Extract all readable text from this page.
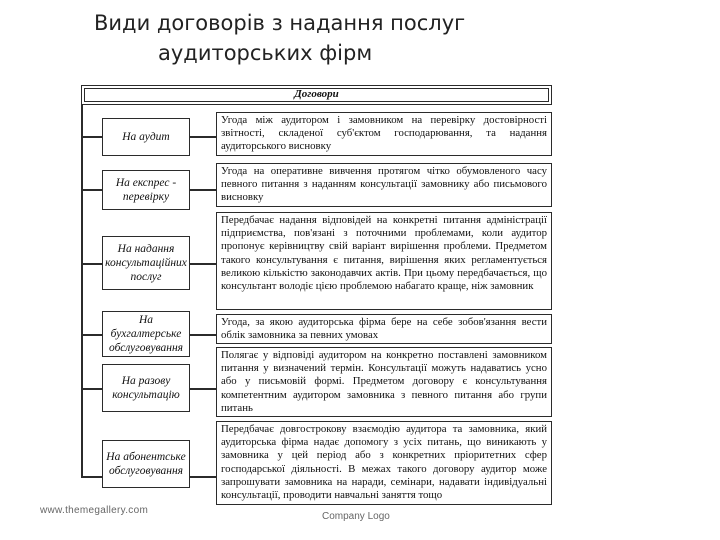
Види договорів з надання послуг
аудиторських фірм
Договори
На аудит
На експрес - перевірку
На надання консультаційних послуг
На бухгалтерське обслуговування
На разову консультацію
На абонентське обслуговування
Угода між аудитором і замовником на перевірку достовірності звітності, складеної суб'єктом господарювання, та надання аудиторського висновку
Угода на оперативне вивчення протягом чітко обумовленого часу певного питання з наданням консультації замовнику або письмового висновку
Передбачає надання відповідей на конкретні питання адміністрації підприємства, пов'язані з поточними проблемами, коли аудитор пропонує керівництву свій варіант вирішення проблеми. Предметом такого консультування є питання, вирішення яких регламентується великою кількістю законодавчих актів. При цьому передбачається, що консультант володіє цією проблемою набагато краще, ніж замовник
Угода, за якою аудиторська фірма бере на себе зобов'язання вести облік замовника за певних умовах
Полягає у відповіді аудитором на конкретно поставлені замовником питання у визначений термін. Консультації можуть надаватись усно або у письмовій формі. Предметом договору є консультування компетентним аудитором замовника з певного питання або групи питань
Передбачає довгострокову взаємодію аудитора та замовника, який аудиторська фірма надає допомогу з усіх питань, що виникають у замовника у цей період або з конкретних пріоритетних сфер господарської діяльності. В межах такого договору аудитор може запрошувати замовника на наради, семінари, надавати індивідуальні консультації, проводити навчальні заняття тощо
www.themegallery.com
Company Logo
